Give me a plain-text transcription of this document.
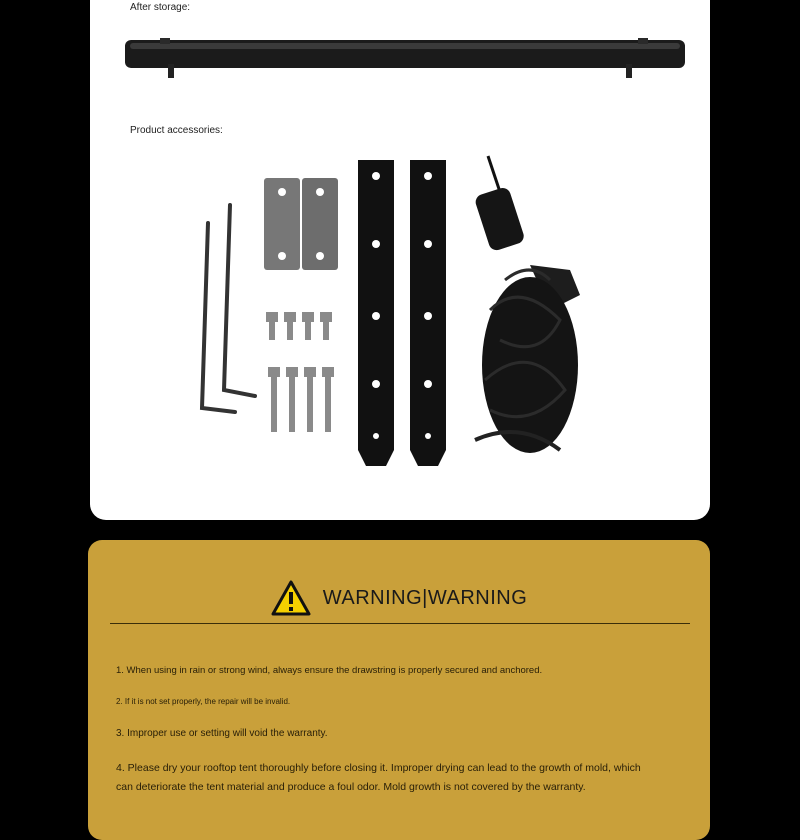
After storage:
Product accessories:
WARNING|WARNING
1. When using in rain or strong wind, always ensure the drawstring is properly secured and anchored.
2. If it is not set properly, the repair will be invalid.
3. Improper use or setting will void the warranty.
4. Please dry your rooftop tent thoroughly before closing it. Improper drying can lead to the growth of mold, which
can deteriorate the tent material and produce a foul odor. Mold growth is not covered by the warranty.
